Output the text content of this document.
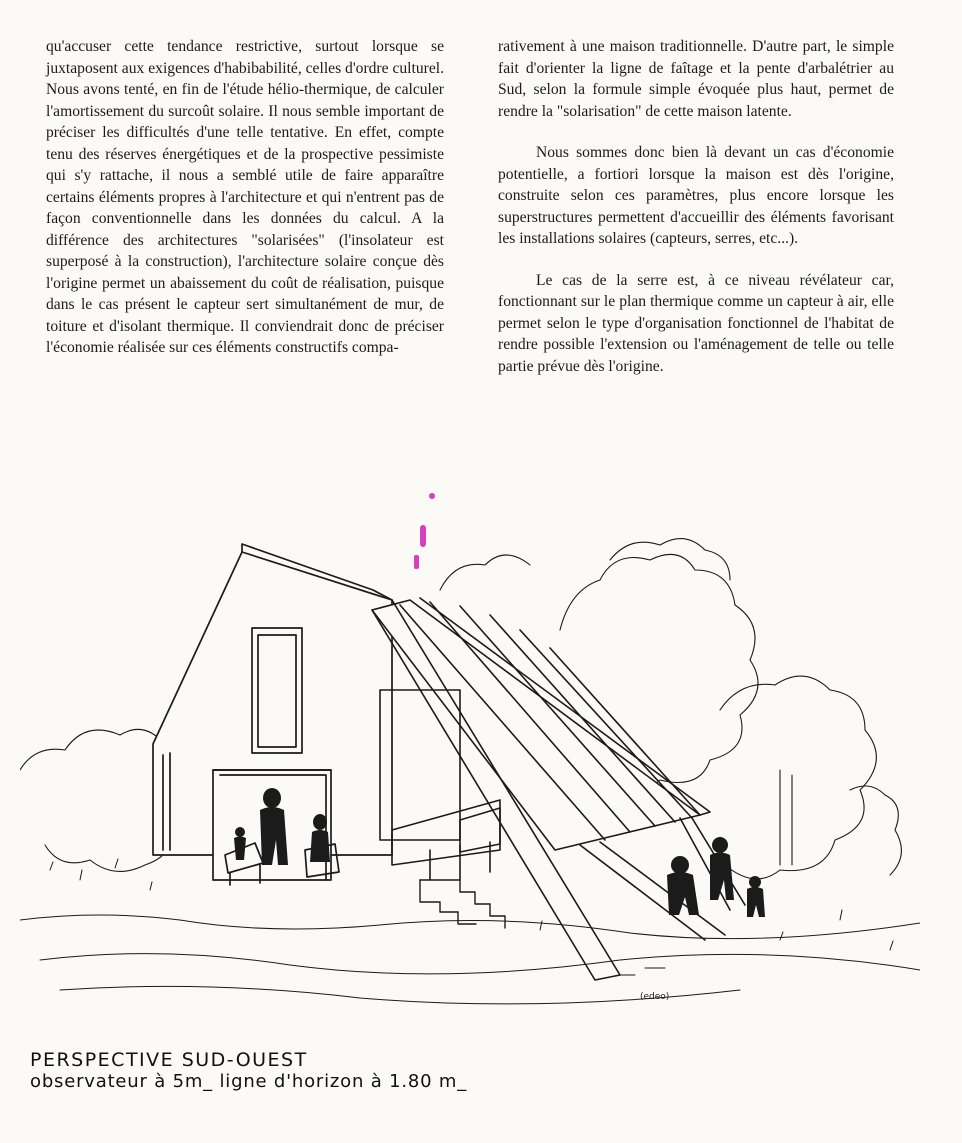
qu'accuser cette tendance restrictive, surtout lorsque se juxtaposent aux exigences d'habibabilité, celles d'ordre culturel. Nous avons tenté, en fin de l'étude hélio-thermique, de calculer l'amortissement du surcoût solaire. Il nous semble important de préciser les difficultés d'une telle tentative. En effet, compte tenu des réserves énergétiques et de la prospective pessimiste qui s'y rattache, il nous a semblé utile de faire apparaître certains éléments propres à l'architecture et qui n'entrent pas de façon conventionnelle dans les données du calcul. A la différence des architectures "solarisées" (l'insolateur est superposé à la construction), l'architecture solaire conçue dès l'origine permet un abaissement du coût de réalisation, puisque dans le cas présent le capteur sert simultanément de mur, de toiture et d'isolant thermique. Il conviendrait donc de préciser l'économie réalisée sur ces éléments constructifs compa-

rativement à une maison traditionnelle. D'autre part, le simple fait d'orienter la ligne de faîtage et la pente d'arbalétrier au Sud, selon la formule simple évoquée plus haut, permet de rendre la "solarisation" de cette maison latente.

Nous sommes donc bien là devant un cas d'économie potentielle, a fortiori lorsque la maison est dès l'origine, construite selon ces paramètres, plus encore lorsque les superstructures permettent d'accueillir des éléments favorisant les installations solaires (capteurs, serres, etc...).

Le cas de la serre est, à ce niveau révélateur car, fonctionnant sur le plan thermique comme un capteur à air, elle permet selon le type d'organisation fonctionnel de l'habitat de rendre possible l'extension ou l'aménagement de telle ou telle partie prévue dès l'origine.

(edeo)
PERSPECTIVE SUD-OUEST
observateur à 5m_ ligne d'horizon à 1.80 m_
